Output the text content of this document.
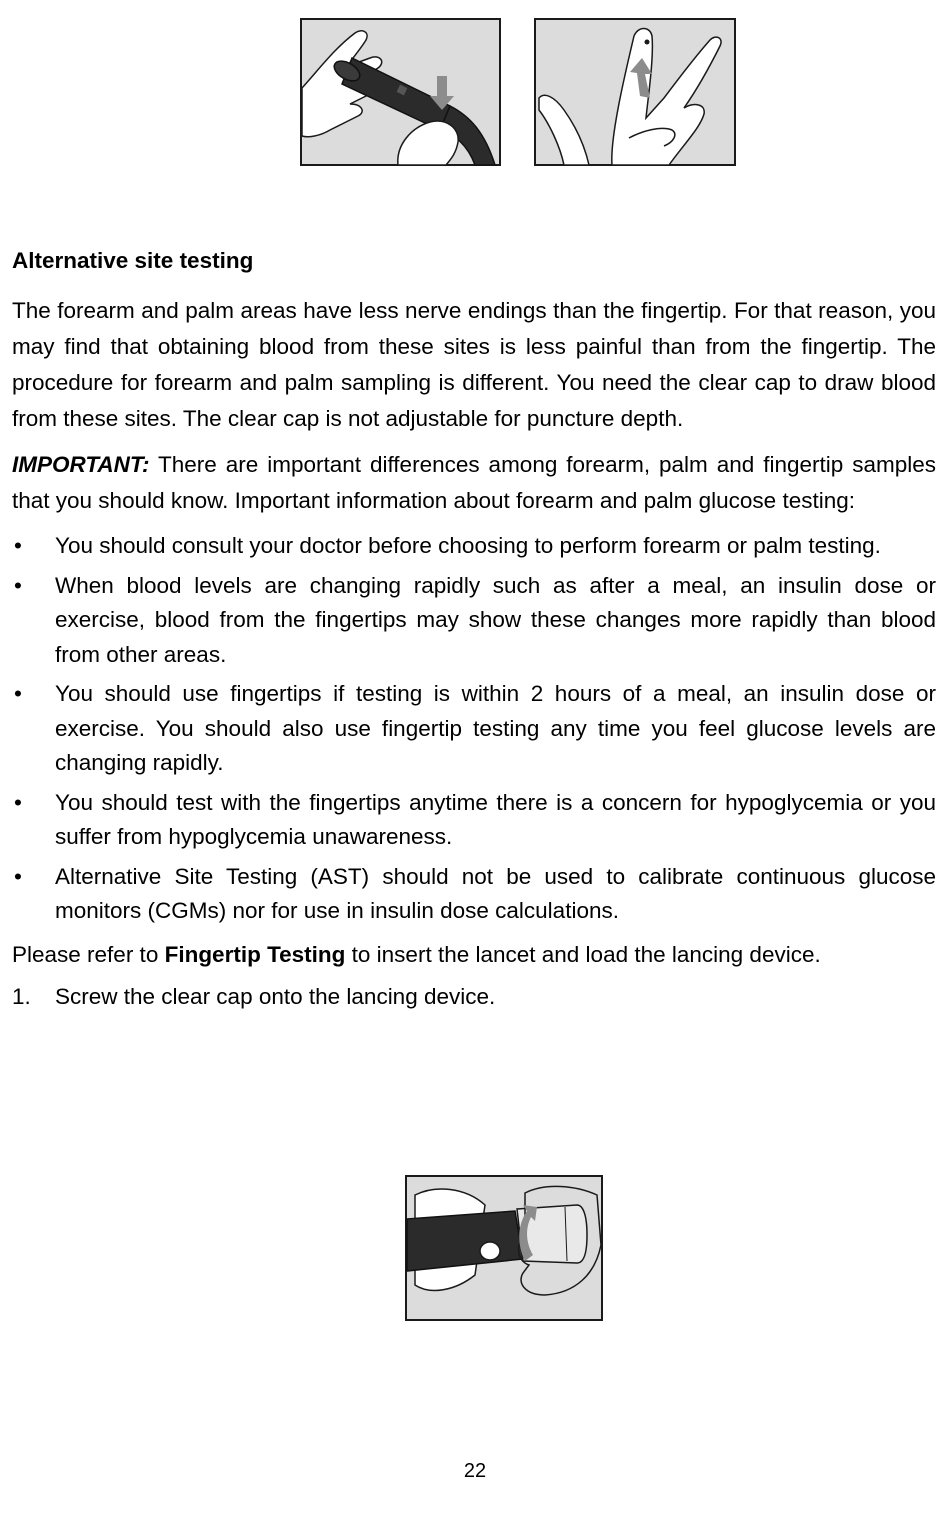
Alternative site testing

The forearm and palm areas have less nerve endings than the fingertip. For that reason, you may find that obtaining blood from these sites is less painful than from the fingertip. The procedure for forearm and palm sampling is different. You need the clear cap to draw blood from these sites. The clear cap is not adjustable for puncture depth.

IMPORTANT: There are important differences among forearm, palm and fingertip samples that you should know. Important information about forearm and palm glucose testing:

• You should consult your doctor before choosing to perform forearm or palm testing.
• When blood levels are changing rapidly such as after a meal, an insulin dose or exercise, blood from the fingertips may show these changes more rapidly than blood from other areas.
• You should use fingertips if testing is within 2 hours of a meal, an insulin dose or exercise. You should also use fingertip testing any time you feel glucose levels are changing rapidly.
• You should test with the fingertips anytime there is a concern for hypoglycemia or you suffer from hypoglycemia unawareness.
• Alternative Site Testing (AST) should not be used to calibrate continuous glucose monitors (CGMs) nor for use in insulin dose calculations.

Please refer to Fingertip Testing to insert the lancet and load the lancing device.

1. Screw the clear cap onto the lancing device.
22
